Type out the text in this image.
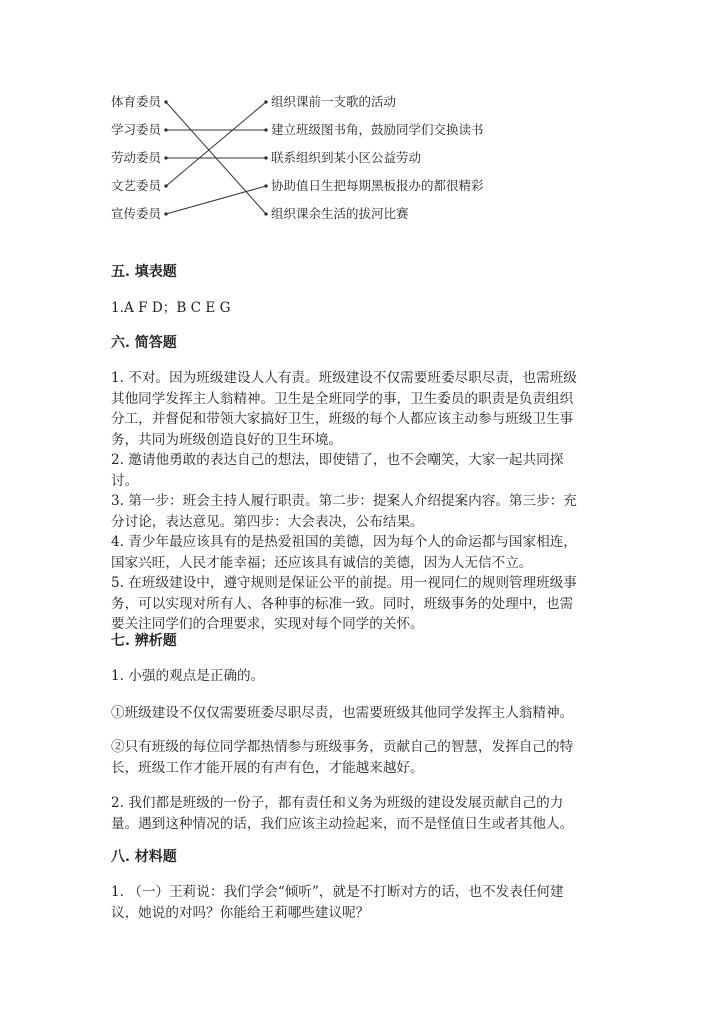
体育委员
学习委员
劳动委员
文艺委员
宣传委员
组织课前一支歌的活动
建立班级图书角，鼓励同学们交换读书
联系组织到某小区公益劳动
协助值日生把每期黑板报办的都很精彩
组织课余生活的拔河比赛
五. 填表题
1.A F D；B C E G
六. 简答题
1. 不对。因为班级建设人人有责。班级建设不仅需要班委尽职尽责，也需班级
其他同学发挥主人翁精神。卫生是全班同学的事，卫生委员的职责是负责组织
分工，并督促和带领大家搞好卫生，班级的每个人都应该主动参与班级卫生事
务，共同为班级创造良好的卫生环境。
2. 邀请他勇敢的表达自己的想法，即使错了，也不会嘲笑，大家一起共同探
讨。
3. 第一步：班会主持人履行职责。第二步：提案人介绍提案内容。第三步：充
分讨论，表达意见。第四步：大会表决，公布结果。
4. 青少年最应该具有的是热爱祖国的美德，因为每个人的命运都与国家相连，
国家兴旺，人民才能幸福；还应该具有诚信的美德，因为人无信不立。
5. 在班级建设中，遵守规则是保证公平的前提。用一视同仁的规则管理班级事
务，可以实现对所有人、各种事的标准一致。同时，班级事务的处理中，也需
要关注同学们的合理要求，实现对每个同学的关怀。
七. 辨析题
1. 小强的观点是正确的。
①班级建设不仅仅需要班委尽职尽责，也需要班级其他同学发挥主人翁精神。
②只有班级的每位同学都热情参与班级事务，贡献自己的智慧，发挥自己的特
长，班级工作才能开展的有声有色，才能越来越好。
2. 我们都是班级的一份子，都有责任和义务为班级的建设发展贡献自己的力
量。遇到这种情况的话，我们应该主动捡起来，而不是怪值日生或者其他人。
八. 材料题
1. （一）王莉说：我们学会“倾听”，就是不打断对方的话，也不发表任何建
议，她说的对吗？你能给王莉哪些建议呢？
